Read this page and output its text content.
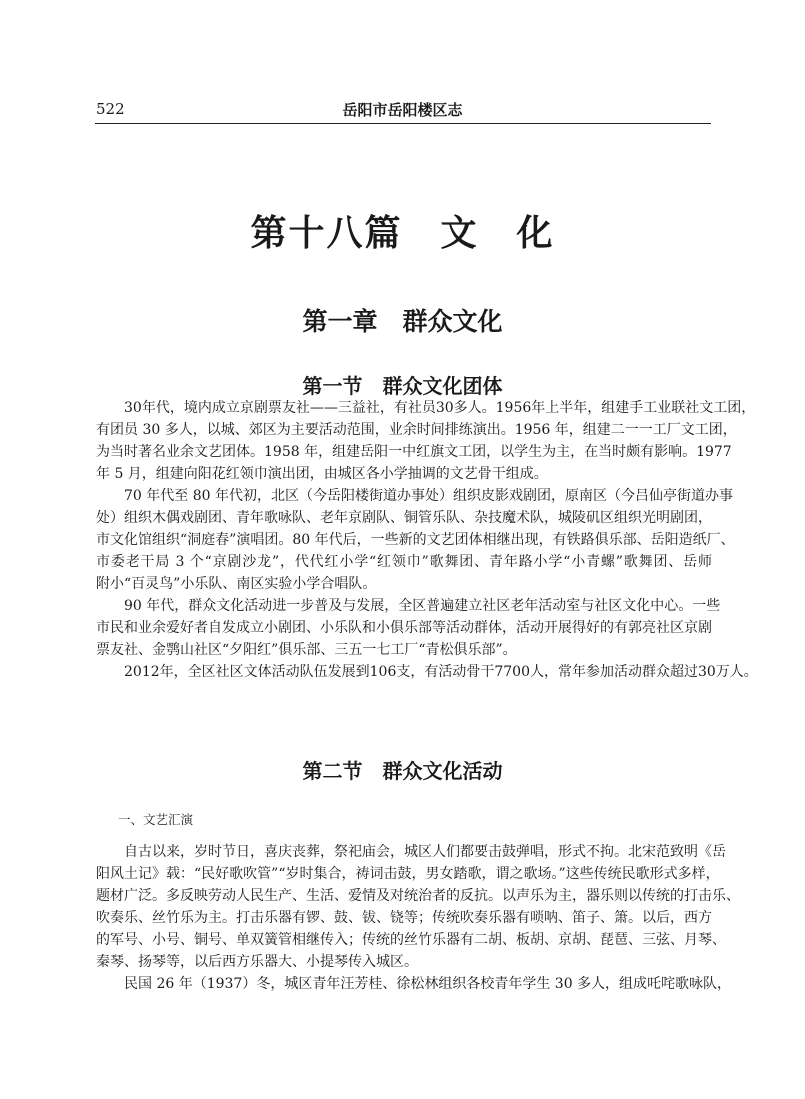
522	岳阳市岳阳楼区志
第十八篇　文　化
第一章　群众文化
第一节　群众文化团体
30年代，境内成立京剧票友社——三益社，有社员30多人。1956年上半年，组建手工业联社文工团，
有团员 30 多人，以城、郊区为主要活动范围，业余时间排练演出。1956 年，组建二一一工厂文工团，
为当时著名业余文艺团体。1958 年，组建岳阳一中红旗文工团，以学生为主，在当时颇有影响。1977
年 5 月，组建向阳花红领巾演出团，由城区各小学抽调的文艺骨干组成。
70 年代至 80 年代初，北区（今岳阳楼街道办事处）组织皮影戏剧团，原南区（今吕仙亭街道办事
处）组织木偶戏剧团、青年歌咏队、老年京剧队、铜管乐队、杂技魔术队，城陵矶区组织光明剧团，
市文化馆组织“洞庭春”演唱团。80 年代后，一些新的文艺团体相继出现，有铁路俱乐部、岳阳造纸厂、
市委老干局 3 个“京剧沙龙”，代代红小学“红领巾”歌舞团、青年路小学“小青螺”歌舞团、岳师
附小“百灵鸟”小乐队、南区实验小学合唱队。
90 年代，群众文化活动进一步普及与发展，全区普遍建立社区老年活动室与社区文化中心。一些
市民和业余爱好者自发成立小剧团、小乐队和小俱乐部等活动群体，活动开展得好的有郭亮社区京剧
票友社、金鹗山社区“夕阳红”俱乐部、三五一七工厂“青松俱乐部”。
2012年，全区社区文体活动队伍发展到106支，有活动骨干7700人，常年参加活动群众超过30万人。
第二节　群众文化活动
一、文艺汇演
自古以来，岁时节日，喜庆丧葬，祭祀庙会，城区人们都要击鼓弹唱，形式不拘。北宋范致明《岳
阳风土记》载：“民好歌吹管”“岁时集合，祷词击鼓，男女踏歌，谓之歌场。”这些传统民歌形式多样，
题材广泛。多反映劳动人民生产、生活、爱情及对统治者的反抗。以声乐为主，器乐则以传统的打击乐、
吹奏乐、丝竹乐为主。打击乐器有锣、鼓、钹、铙等；传统吹奏乐器有唢呐、笛子、箫。以后，西方
的军号、小号、铜号、单双簧管相继传入；传统的丝竹乐器有二胡、板胡、京胡、琵琶、三弦、月琴、
秦琴、扬琴等，以后西方乐器大、小提琴传入城区。
民国 26 年（1937）冬，城区青年汪芳桂、徐松林组织各校青年学生 30 多人，组成吒咤歌咏队，
